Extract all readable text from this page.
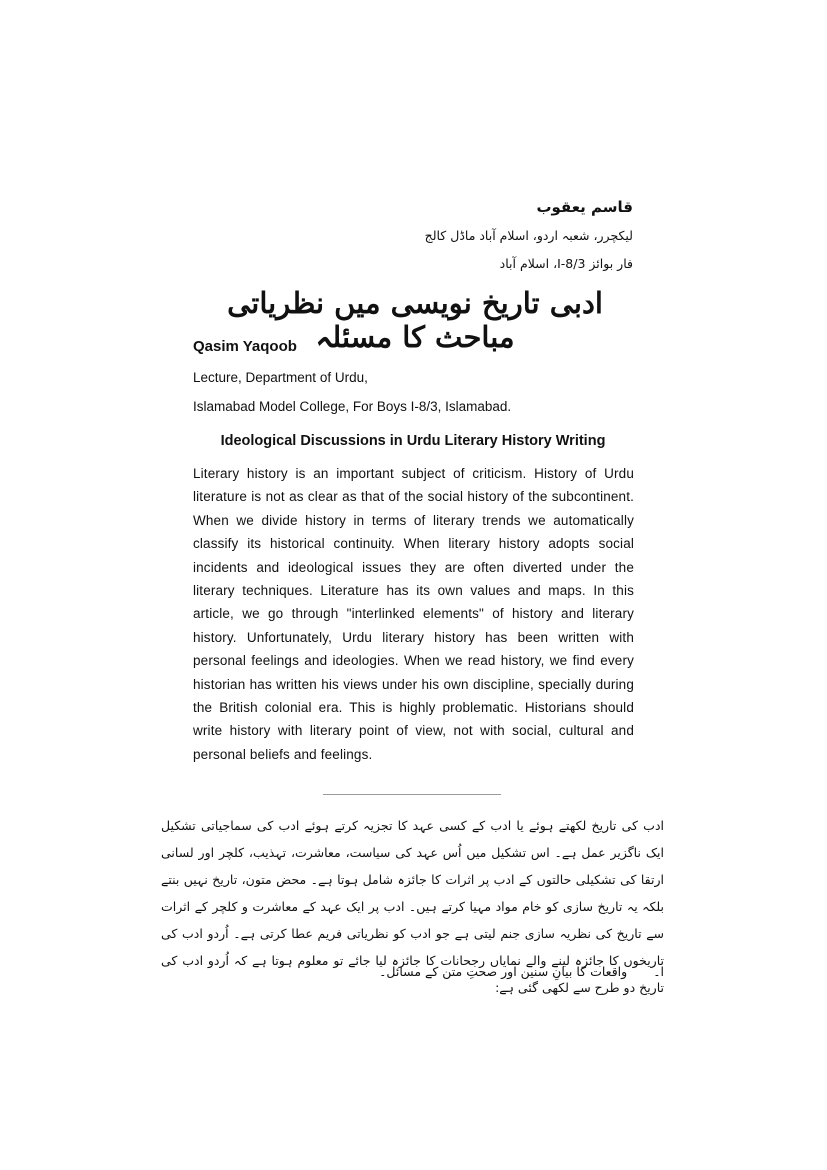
قاسم یعقوب
لیکچرر، شعبہ اردو، اسلام آباد ماڈل کالج
فار بوائز I-8/3، اسلام آباد
ادبی تاریخ نویسی میں نظریاتی مباحث کا مسئلہ
Qasim Yaqoob
Lecture, Department of Urdu,
Islamabad Model College, For Boys I-8/3, Islamabad.
Ideological Discussions in Urdu Literary History Writing
Literary history is an important subject of criticism. History of Urdu literature is not as clear as that of the social history of the subcontinent. When we divide history in terms of literary trends we automatically classify its historical continuity. When literary history adopts social incidents and ideological issues they are often diverted under the literary techniques. Literature has its own values and maps. In this article, we go through "interlinked elements" of history and literary history. Unfortunately, Urdu literary history has been written with personal feelings and ideologies. When we read history, we find every historian has written his views under his own discipline, specially during the British colonial era. This is highly problematic. Historians should write history with literary point of view, not with social, cultural and personal beliefs and feelings.
ادب کی تاریخ لکھتے ہوئے یا ادب کے کسی عہد کا تجزیہ کرتے ہوئے ادب کی سماجیاتی تشکیل ایک ناگزیر عمل ہے۔ اس تشکیل میں اُس عہد کی سیاست، معاشرت، تہذیب، کلچر اور لسانی ارتقا کی تشکیلی حالتوں کے ادب پر اثرات کا جائزہ شامل ہوتا ہے۔ محض متون، تاریخ نہیں بنتے بلکہ یہ تاریخ سازی کو خام مواد مہیا کرتے ہیں۔ ادب پر ایک عہد کے معاشرت و کلچر کے اثرات سے تاریخ کی نظریہ سازی جنم لیتی ہے جو ادب کو نظریاتی فریم عطا کرتی ہے۔ اُردو ادب کی تاریخوں کا جائزہ لینے والے نمایاں رجحانات کا جائزہ لیا جائے تو معلوم ہوتا ہے کہ اُردو ادب کی تاریخ دو طرح سے لکھی گئی ہے:
ا۔ واقعات کا بیانِ سنین اور صحتِ متن کے مسائل۔
